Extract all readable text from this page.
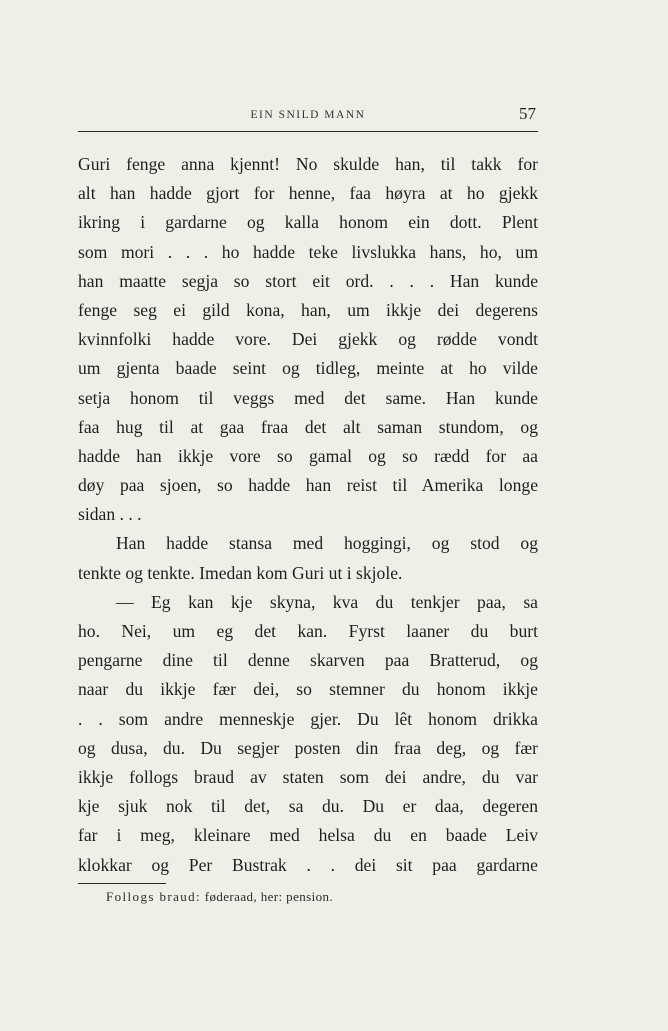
EIN SNILD MANN	57
Guri fenge anna kjennt! No skulde han, til takk for
alt han hadde gjort for henne, faa høyra at ho gjekk
ikring i gardarne og kalla honom ein dott. Plent
som mori . . . ho hadde teke livslukka hans, ho, um
han maatte segja so stort eit ord. . . . Han kunde
fenge seg ei gild kona, han, um ikkje dei degerens
kvinnfolki hadde vore. Dei gjekk og rødde vondt
um gjenta baade seint og tidleg, meinte at ho vilde
setja honom til veggs med det same. Han kunde
faa hug til at gaa fraa det alt saman stundom, og
hadde han ikkje vore so gamal og so rædd for aa
døy paa sjoen, so hadde han reist til Amerika longe
sidan . . .
Han hadde stansa med hoggingi, og stod og
tenkte og tenkte. Imedan kom Guri ut i skjole.
— Eg kan kje skyna, kva du tenkjer paa, sa
ho. Nei, um eg det kan. Fyrst laaner du burt
pengarne dine til denne skarven paa Bratterud, og
naar du ikkje fær dei, so stemner du honom ikkje
. . som andre menneskje gjer. Du lêt honom drikka
og dusa, du. Du segjer posten din fraa deg, og fær
ikkje follogs braud av staten som dei andre, du var
kje sjuk nok til det, sa du. Du er daa, degeren
far i meg, kleinare med helsa du en baade Leiv
klokkar og Per Bustrak . . dei sit paa gardarne
Follogs braud: føderaad, her: pension.
